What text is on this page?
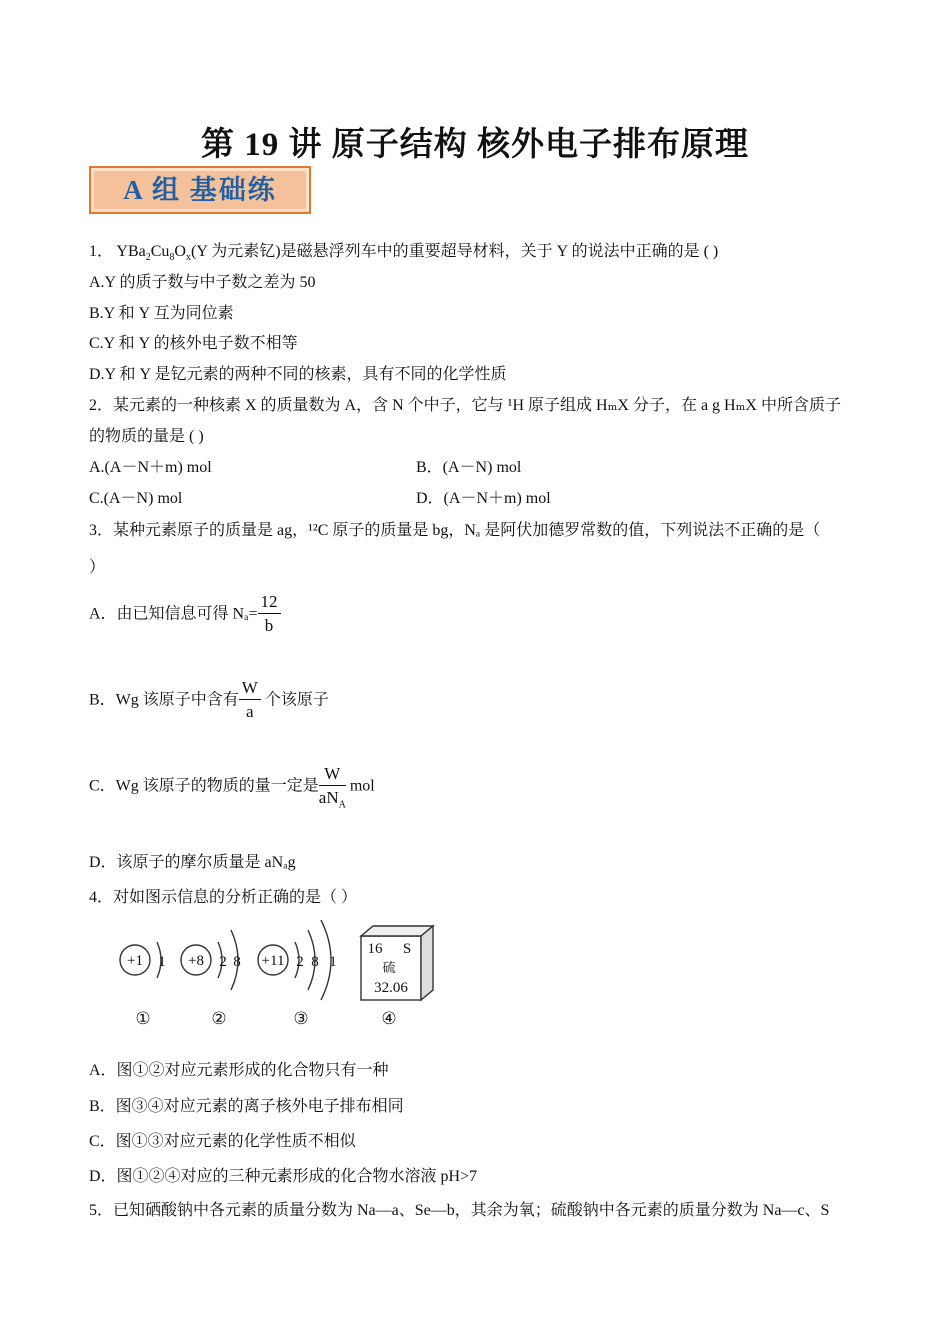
第 19 讲 原子结构 核外电子排布原理
A 组 基础练
1． $YBa_2Cu_8O_x(Y$ 为元素钇)是磁悬浮列车中的重要超导材料，关于 Y 的说法中正确的是 ( )
A.Y 的质子数与中子数之差为 50
B.Y 和 Y 互为同位素
C.Y 和 Y 的核外电子数不相等
D.Y 和 Y 是钇元素的两种不同的核素，具有不同的化学性质
2．某元素的一种核素 X 的质量数为 A，含 N 个中子，它与 ¹H 原子组成 HₘX 分子，在 a g HₘX 中所含质子
的物质的量是 ( )
A.(A－N＋m) mol	B．(A－N) mol
C.(A－N) mol	D．(A－N＋m) mol
3．某种元素原子的质量是 ag，¹²C 原子的质量是 bg，Nₐ 是阿伏加德罗常数的值，下列说法不正确的是（
）
A．由已知信息可得 $N_a= \frac{12}{b}$
B．Wg 该原子中含有 $\frac{W}{a}$ 个该原子
C．Wg 该原子的物质的量一定是 $\frac{W}{aN_A}$ mol
D．该原子的摩尔质量是 aNₐg
4．对如图示信息的分析正确的是（ ）
+1 1 +8 2 8 +11 2 8 1
16 S
硫
32.06
①	②	③	④
A．图①②对应元素形成的化合物只有一种
B．图③④对应元素的离子核外电子排布相同
C．图①③对应元素的化学性质不相似
D．图①②④对应的三种元素形成的化合物水溶液 pH>7
5．已知硒酸钠中各元素的质量分数为 Na—a、Se—b，其余为氧；硫酸钠中各元素的质量分数为 Na—c、S
